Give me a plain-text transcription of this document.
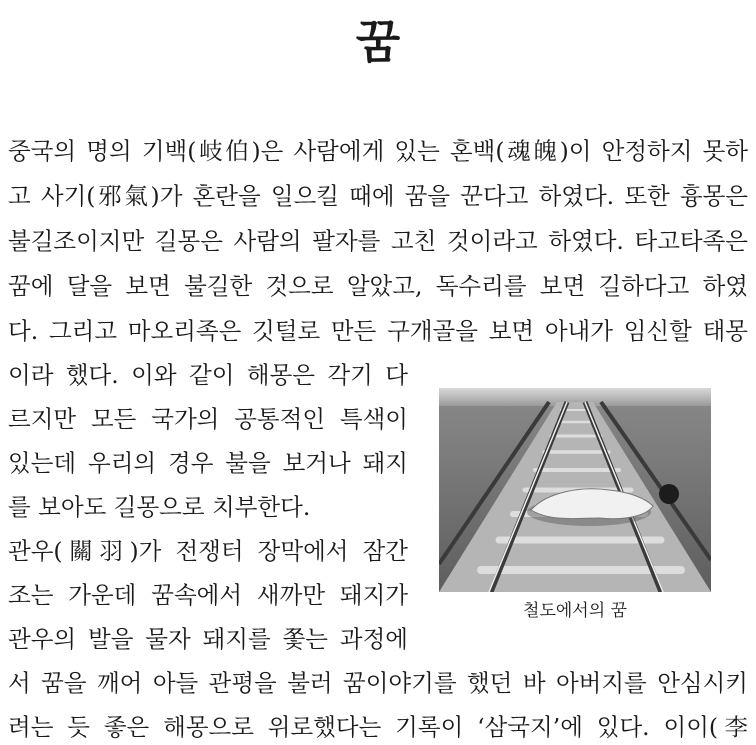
꿈
중국의 명의 기백(岐伯)은 사람에게 있는 혼백(魂魄)이 안정하지 못하
고 사기(邪氣)가 혼란을 일으킬 때에 꿈을 꾼다고 하였다. 또한 흉몽은
불길조이지만 길몽은 사람의 팔자를 고친 것이라고 하였다. 타고타족은
꿈에 달을 보면 불길한 것으로 알았고, 독수리를 보면 길하다고 하였
다. 그리고 마오리족은 깃털로 만든 구개골을 보면 아내가 임신할 태몽
이라 했다. 이와 같이 해몽은 각기 다
르지만 모든 국가의 공통적인 특색이
있는데 우리의 경우 불을 보거나 돼지
를 보아도 길몽으로 치부한다.
관우(關羽)가 전쟁터 장막에서 잠간
조는 가운데 꿈속에서 새까만 돼지가
관우의 발을 물자 돼지를 쫓는 과정에
서 꿈을 깨어 아들 관평을 불러 꿈이야기를 했던 바 아버지를 안심시키
려는 듯 좋은 해몽으로 위로했다는 기록이 ‘삼국지’에 있다. 이이(李
철도에서의 꿈
